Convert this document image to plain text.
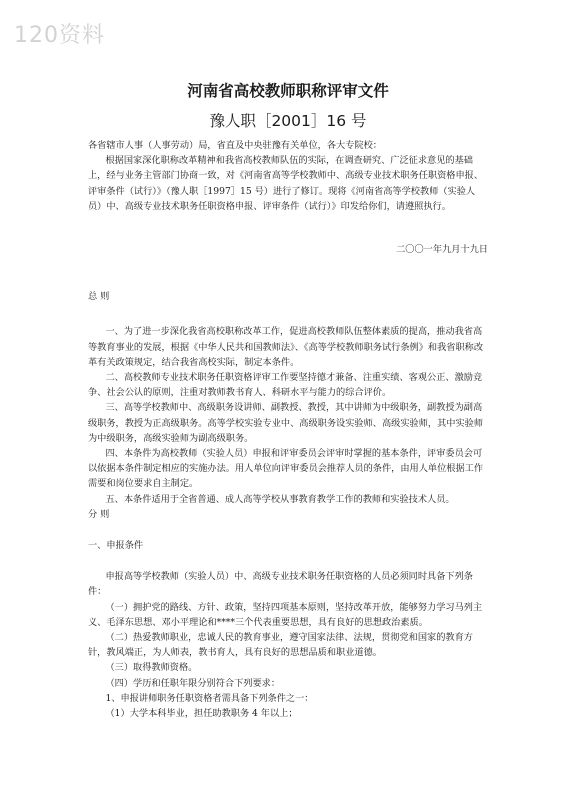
120资料
河南省高校教师职称评审文件
豫人职［2001］16 号

各省辖市人事（人事劳动）局，省直及中央驻豫有关单位，各大专院校：

根据国家深化职称改革精神和我省高校教师队伍的实际，在调查研究、广泛征求意见的基础上，经与业务主管部门协商一致，对《河南省高等学校教师中、高级专业技术职务任职资格申报、评审条件（试行）》（豫人职［1997］15 号）进行了修订。现将《河南省高等学校教师（实验人员）中、高级专业技术职务任职资格申报、评审条件（试行）》印发给你们，请遵照执行。

二〇〇一年九月十九日

总 则

一、为了进一步深化我省高校职称改革工作，促进高校教师队伍整体素质的提高，推动我省高等教育事业的发展，根据《中华人民共和国教师法》、《高等学校教师职务试行条例》和我省职称改革有关政策规定，结合我省高校实际，制定本条件。

二、高校教师专业技术职务任职资格评审工作要坚持德才兼备、注重实绩、客观公正、激励竞争、社会公认的原则，注重对教师教书育人、科研水平与能力的综合评价。

三、高等学校教师中、高级职务设讲师、副教授、教授，其中讲师为中级职务，副教授为副高级职务，教授为正高级职务。高等学校实验专业中、高级职务设实验师、高级实验师，其中实验师为中级职务，高级实验师为副高级职务。

四、本条件为高校教师（实验人员）申报和评审委员会评审时掌握的基本条件，评审委员会可以依据本条件制定相应的实施办法。用人单位向评审委员会推荐人员的条件，由用人单位根据工作需要和岗位要求自主制定。

五、本条件适用于全省普通、成人高等学校从事教育教学工作的教师和实验技术人员。

分 则

一、申报条件

申报高等学校教师（实验人员）中、高级专业技术职务任职资格的人员必须同时具备下列条件：

（一）拥护党的路线、方针、政策，坚持四项基本原则，坚持改革开放，能够努力学习马列主义、毛泽东思想、邓小平理论和****三个代表重要思想，具有良好的思想政治素质。

（二）热爱教师职业，忠诚人民的教育事业，遵守国家法律、法规，贯彻党和国家的教育方针，教风端正，为人师表，教书育人，具有良好的思想品质和职业道德。

（三）取得教师资格。

（四）学历和任职年限分别符合下列要求：

1、申报讲师职务任职资格者需具备下列条件之一：

（1）大学本科毕业，担任助教职务 4 年以上；
